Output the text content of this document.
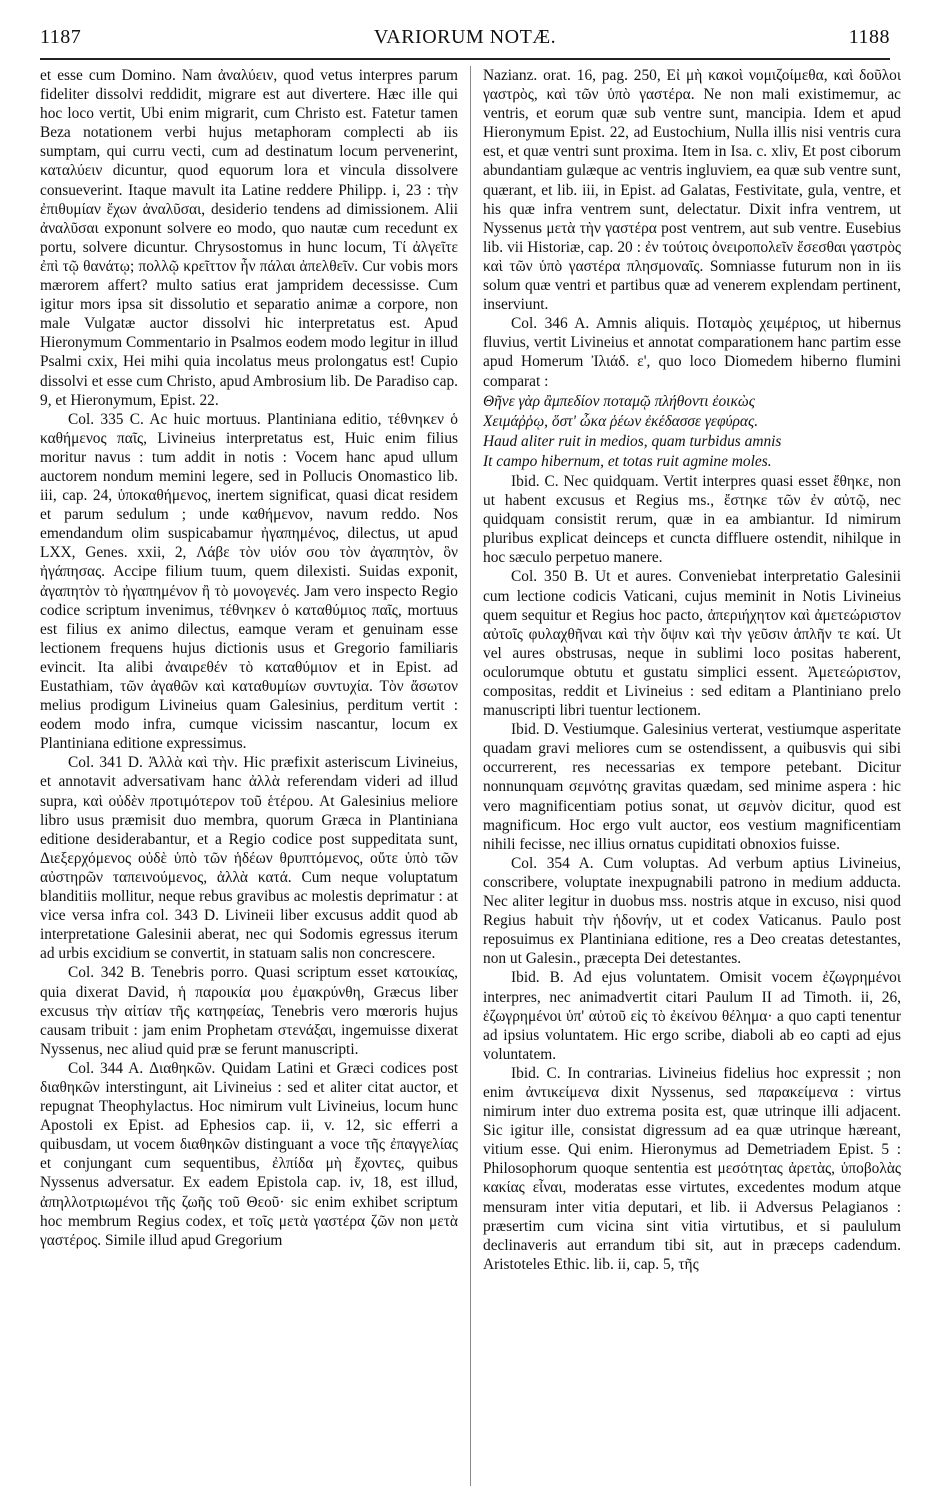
1187	VARIORUM NOTÆ.	1188

et esse cum Domino. Nam ἀναλύειν, quod vetus interpres parum fideliter dissolvi reddidit, migrare est aut divertere. Hæc ille qui hoc loco vertit, Ubi enim migrarit, cum Christo est. Fatetur tamen Beza notationem verbi hujus metaphoram complecti ab iis sumptam, qui curru vecti, cum ad destinatum locum pervenerint, καταλύειν dicuntur, quod equorum lora et vincula dissolvere consueverint. Itaque mavult ita Latine reddere Philipp. i, 23 : τὴν ἐπιθυμίαν ἔχων ἀναλῦσαι, desiderio tendens ad dimissionem. Alii ἀναλῦσαι exponunt solvere eo modo, quo nautæ cum recedunt ex portu, solvere dicuntur. Chrysostomus in hunc locum, Τί ἀλγεῖτε ἐπὶ τῷ θανάτῳ; πολλῷ κρεῖττον ἦν πάλαι ἀπελθεῖν. Cur vobis mors mærorem affert? multo satius erat jampridem decessisse. Cum igitur mors ipsa sit dissolutio et separatio animæ a corpore, non male Vulgatæ auctor dissolvi hic interpretatus est. Apud Hieronymum Commentario in Psalmos eodem modo legitur in illud Psalmi cxix, Hei mihi quia incolatus meus prolongatus est! Cupio dissolvi et esse cum Christo, apud Ambrosium lib. De Paradiso cap. 9, et Hieronymum, Epist. 22.

Col. 335 C. Ac huic mortuus. Plantiniana editio, τέθνηκεν ὁ καθήμενος παῖς, Livineius interpretatus est, Huic enim filius moritur navus : tum addit in notis : Vocem hanc apud ullum auctorem nondum memini legere, sed in Pollucis Onomastico lib. iii, cap. 24, ὑποκαθήμενος, inertem significat, quasi dicat residem et parum sedulum ; unde καθήμενον, navum reddo. Nos emendandum olim suspicabamur ἠγαπημένος, dilectus, ut apud LXX, Genes. xxii, 2, Λάβε τὸν υἱόν σου τὸν ἀγαπητὸν, ὃν ἠγάπησας. Accipe filium tuum, quem dilexisti. Suidas exponit, ἀγαπητὸν τὸ ἠγαπημένον ἢ τὸ μονογενές. Jam vero inspecto Regio codice scriptum invenimus, τέθνηκεν ὁ καταθύμιος παῖς, mortuus est filius ex animo dilectus, eamque veram et genuinam esse lectionem frequens hujus dictionis usus et Gregorio familiaris evincit. Ita alibi ἀναιρεθέν τὸ καταθύμιον et in Epist. ad Eustathiam, τῶν ἀγαθῶν καὶ καταθυμίων συντυχία. Τὸν ἄσωτον melius prodigum Livineius quam Galesinius, perditum vertit : eodem modo infra, cumque vicissim nascantur, locum ex Plantiniana editione expressimus.

Col. 341 D. Ἀλλὰ καὶ τὴν. Hic præfixit asteriscum Livineius, et annotavit adversativam hanc ἀλλὰ referendam videri ad illud supra, καὶ οὐδὲν προτιμότερον τοῦ ἑτέρου. At Galesinius meliore libro usus præmisit duo membra, quorum Græca in Plantiniana editione desiderabantur, et a Regio codice post suppeditata sunt, Διεξερχόμενος οὐδὲ ὑπὸ τῶν ἡδέων θρυπτόμενος, οὔτε ὑπὸ τῶν αὐστηρῶν ταπεινούμενος, ἀλλὰ κατά. Cum neque voluptatum blanditiis mollitur, neque rebus gravibus ac molestis deprimatur : at vice versa infra col. 343 D. Livineii liber excusus addit quod ab interpretatione Galesinii aberat, nec qui Sodomis egressus iterum ad urbis excidium se convertit, in statuam salis non concrescere.

Col. 342 B. Tenebris porro. Quasi scriptum esset κατοικίας, quia dixerat David, ἡ παροικία μου ἐμακρύνθη, Græcus liber excusus τὴν αἰτίαν τῆς κατηφείας, Tenebris vero mœroris hujus causam tribuit : jam enim Prophetam στενάξαι, ingemuisse dixerat Nyssenus, nec aliud quid præ se ferunt manuscripti.

Col. 344 A. Διαθηκῶν. Quidam Latini et Græci codices post διαθηκῶν interstingunt, ait Livineius : sed et aliter citat auctor, et repugnat Theophylactus. Hoc nimirum vult Livineius, locum hunc Apostoli ex Epist. ad Ephesios cap. ii, v. 12, sic efferri a quibusdam, ut vocem διαθηκῶν distinguant a voce τῆς ἐπαγγελίας et conjungant cum sequentibus, ἐλπίδα μὴ ἔχοντες, quibus Nyssenus adversatur. Ex eadem Epistola cap. iv, 18, est illud, ἀπηλλοτριωμένοι τῆς ζωῆς τοῦ Θεοῦ· sic enim exhibet scriptum hoc membrum Regius codex, et τοῖς μετὰ γαστέρα ζῶν non μετὰ γαστέρος. Simile illud apud Gregorium

Nazianz. orat. 16, pag. 250, Εἰ μὴ κακοὶ νομιζοίμεθα, καὶ δοῦλοι γαστρὸς, καὶ τῶν ὑπὸ γαστέρα. Ne non mali existimemur, ac ventris, et eorum quæ sub ventre sunt, mancipia. Idem et apud Hieronymum Epist. 22, ad Eustochium, Nulla illis nisi ventris cura est, et quæ ventri sunt proxima. Item in Isa. c. xliv, Et post ciborum abundantiam gulæque ac ventris ingluviem, ea quæ sub ventre sunt, quærant, et lib. iii, in Epist. ad Galatas, Festivitate, gula, ventre, et his quæ infra ventrem sunt, delectatur. Dixit infra ventrem, ut Nyssenus μετὰ τὴν γαστέρα post ventrem, aut sub ventre. Eusebius lib. vii Historiæ, cap. 20 : ἐν τούτοις ὀνειροπολεῖν ἔσεσθαι γαστρὸς καὶ τῶν ὑπὸ γαστέρα πλησμοναῖς. Somniasse futurum non in iis solum quæ ventri et partibus quæ ad venerem explendam pertinent, inserviunt.

Col. 346 A. Amnis aliquis. Ποταμὸς χειμέριος, ut hibernus fluvius, vertit Livineius et annotat comparationem hanc partim esse apud Homerum Ἰλιάδ. ε', quo loco Diomedem hiberno flumini comparat :

Θῆνε γὰρ ἂμπεδίον ποταμῷ πλήθοντι ἐοικὼς
Χειμάῤῥῳ, ὅστ' ὦκα ῥέων ἐκέδασσε γεφύρας.
Haud aliter ruit in medios, quam turbidus amnis
It campo hibernum, et totas ruit agmine moles.

Ibid. C. Nec quidquam. Vertit interpres quasi esset ἔθηκε, non ut habent excusus et Regius ms., ἔστηκε τῶν ἐν αὐτῷ, nec quidquam consistit rerum, quæ in ea ambiantur. Id nimirum pluribus explicat deinceps et cuncta diffluere ostendit, nihilque in hoc sæculo perpetuo manere.

Col. 350 B. Ut et aures. Conveniebat interpretatio Galesinii cum lectione codicis Vaticani, cujus meminit in Notis Livineius quem sequitur et Regius hoc pacto, ἀπεριήχητον καὶ ἀμετεώριστον αὐτοῖς φυλαχθῆναι καὶ τὴν ὄψιν καὶ τὴν γεῦσιν ἁπλῆν τε καί. Ut vel aures obstrusas, neque in sublimi loco positas haberent, oculorumque obtutu et gustatu simplici essent. Ἀμετεώριστον, compositas, reddit et Livineius : sed editam a Plantiniano prelo manuscripti libri tuentur lectionem.

Ibid. D. Vestiumque. Galesinius verterat, vestiumque asperitate quadam gravi meliores cum se ostendissent, a quibusvis qui sibi occurrerent, res necessarias ex tempore petebant. Dicitur nonnunquam σεμνότης gravitas quædam, sed minime aspera : hic vero magnificentiam potius sonat, ut σεμνὸν dicitur, quod est magnificum. Hoc ergo vult auctor, eos vestium magnificentiam nihili fecisse, nec illius ornatus cupiditati obnoxios fuisse.

Col. 354 A. Cum voluptas. Ad verbum aptius Livineius, conscribere, voluptate inexpugnabili patrono in medium adducta. Nec aliter legitur in duobus mss. nostris atque in excuso, nisi quod Regius habuit τὴν ἡδονήν, ut et codex Vaticanus. Paulo post reposuimus ex Plantiniana editione, res a Deo creatas detestantes, non ut Galesin., præcepta Dei detestantes.

Ibid. B. Ad ejus voluntatem. Omisit vocem ἐζωγρημένοι interpres, nec animadvertit citari Paulum II ad Timoth. ii, 26, ἐζωγρημένοι ὑπ' αὐτοῦ εἰς τὸ ἐκείνου θέλημα· a quo capti tenentur ad ipsius voluntatem. Hic ergo scribe, diaboli ab eo capti ad ejus voluntatem.

Ibid. C. In contrarias. Livineius fidelius hoc expressit ; non enim ἀντικείμενα dixit Nyssenus, sed παρακείμενα : virtus nimirum inter duo extrema posita est, quæ utrinque illi adjacent. Sic igitur ille, consistat digressum ad ea quæ utrinque hæreant, vitium esse. Qui enim. Hieronymus ad Demetriadem Epist. 5 : Philosophorum quoque sententia est μεσότητας ἀρετὰς, ὑποβολὰς κακίας εἶναι, moderatas esse virtutes, excedentes modum atque mensuram inter vitia deputari, et lib. ii Adversus Pelagianos : præsertim cum vicina sint vitia virtutibus, et si paululum declinaveris aut errandum tibi sit, aut in præceps cadendum. Aristoteles Ethic. lib. ii, cap. 5, τῆς
